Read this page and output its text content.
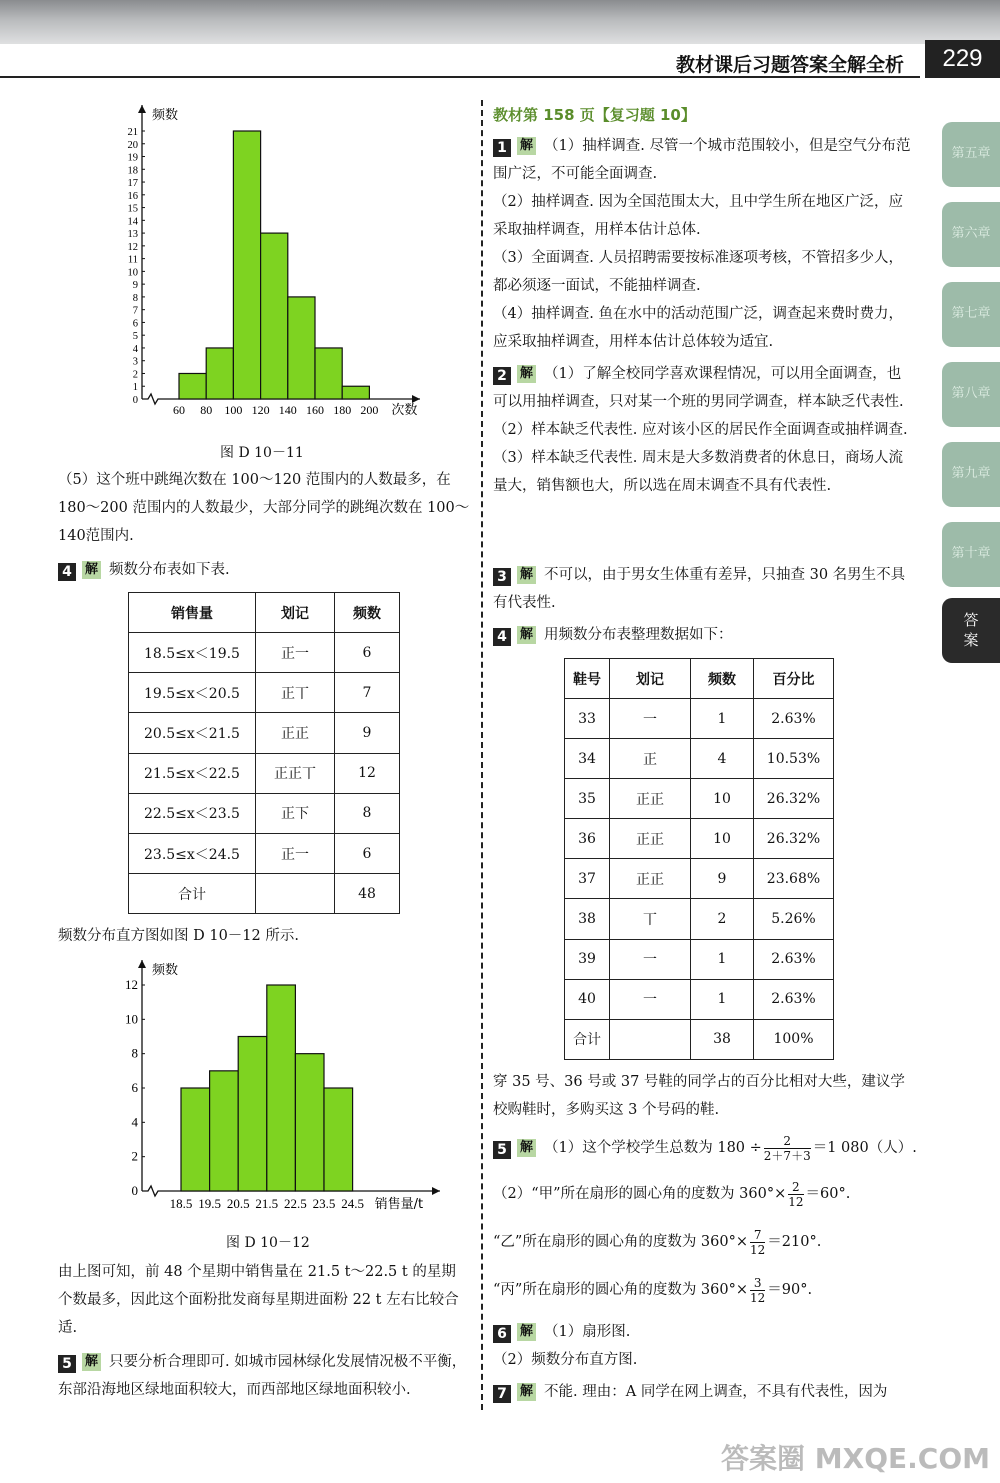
教材课后习题答案全解全析	229
第五章
第六章
第七章
第八章
第九章
第十章
答
案
频数
0
1
2
3
4
5
6
7
8
9
10
11
12
13
14
15
16
17
18
19
20
21
60 80 100 120 140 160 180 200 次数
图 D 10－11
（5）这个班中跳绳次数在 100～120 范围内的人数最多，在 180～200 范围内的人数最少，大部分同学的跳绳次数在 100～140范围内.
4 解 频数分布表如下表.
销售量	划记	频数
18.5≤x＜19.5	正一	6
19.5≤x＜20.5	正丅	7
20.5≤x＜21.5	正正	9
21.5≤x＜22.5	正正丅	12
22.5≤x＜23.5	正下	8
23.5≤x＜24.5	正一	6
合计		48
频数分布直方图如图 D 10－12 所示.
频数
0
2
4
6
8
10
12
18.5 19.5 20.5 21.5 22.5 23.5 24.5 销售量/t
图 D 10－12
由上图可知，前 48 个星期中销售量在 21.5 t～22.5 t 的星期个数最多，因此这个面粉批发商每星期进面粉 22 t 左右比较合适.
5 解 只要分析合理即可. 如城市园林绿化发展情况极不平衡，东部沿海地区绿地面积较大，而西部地区绿地面积较小.
教材第 158 页【复习题 10】
1 解 （1）抽样调查. 尽管一个城市范围较小，但是空气分布范围广泛，不可能全面调查.
（2）抽样调查. 因为全国范围太大，且中学生所在地区广泛，应采取抽样调查，用样本估计总体.
（3）全面调查. 人员招聘需要按标准逐项考核，不管招多少人，都必须逐一面试，不能抽样调查.
（4）抽样调查. 鱼在水中的活动范围广泛，调查起来费时费力，应采取抽样调查，用样本估计总体较为适宜.
2 解 （1）了解全校同学喜欢课程情况，可以用全面调查，也可以用抽样调查，只对某一个班的男同学调查，样本缺乏代表性.
（2）样本缺乏代表性. 应对该小区的居民作全面调查或抽样调查.
（3）样本缺乏代表性. 周末是大多数消费者的休息日，商场人流量大，销售额也大，所以选在周末调查不具有代表性.
3 解 不可以，由于男女生体重有差异，只抽查 30 名男生不具有代表性.
4 解 用频数分布表整理数据如下：
鞋号	划记	频数	百分比
33	一	1	2.63%
34	正	4	10.53%
35	正正	10	26.32%
36	正正	10	26.32%
37	正正	9	23.68%
38	丅	2	5.26%
39	一	1	2.63%
40	一	1	2.63%
合计		38	100%
穿 35 号、36 号或 37 号鞋的同学占的百分比相对大些，建议学校购鞋时，多购买这 3 个号码的鞋.
5 解 （1）这个学校学生总数为 $180 \div \frac{2}{2+7+3} =1$ 080（人）.
（2）“甲”所在扇形的圆心角的度数为 $360^\circ\times \frac{2}{12} =60^\circ$.
“乙”所在扇形的圆心角的度数为 $360^\circ\times \frac{7}{12} =210^\circ$.
“丙”所在扇形的圆心角的度数为 $360^\circ\times \frac{3}{12} =90^\circ$.
6 解 （1）扇形图.
（2）频数分布直方图.
7 解 不能. 理由：A 同学在网上调查，不具有代表性，因为
答案圈 MXQE.COM
